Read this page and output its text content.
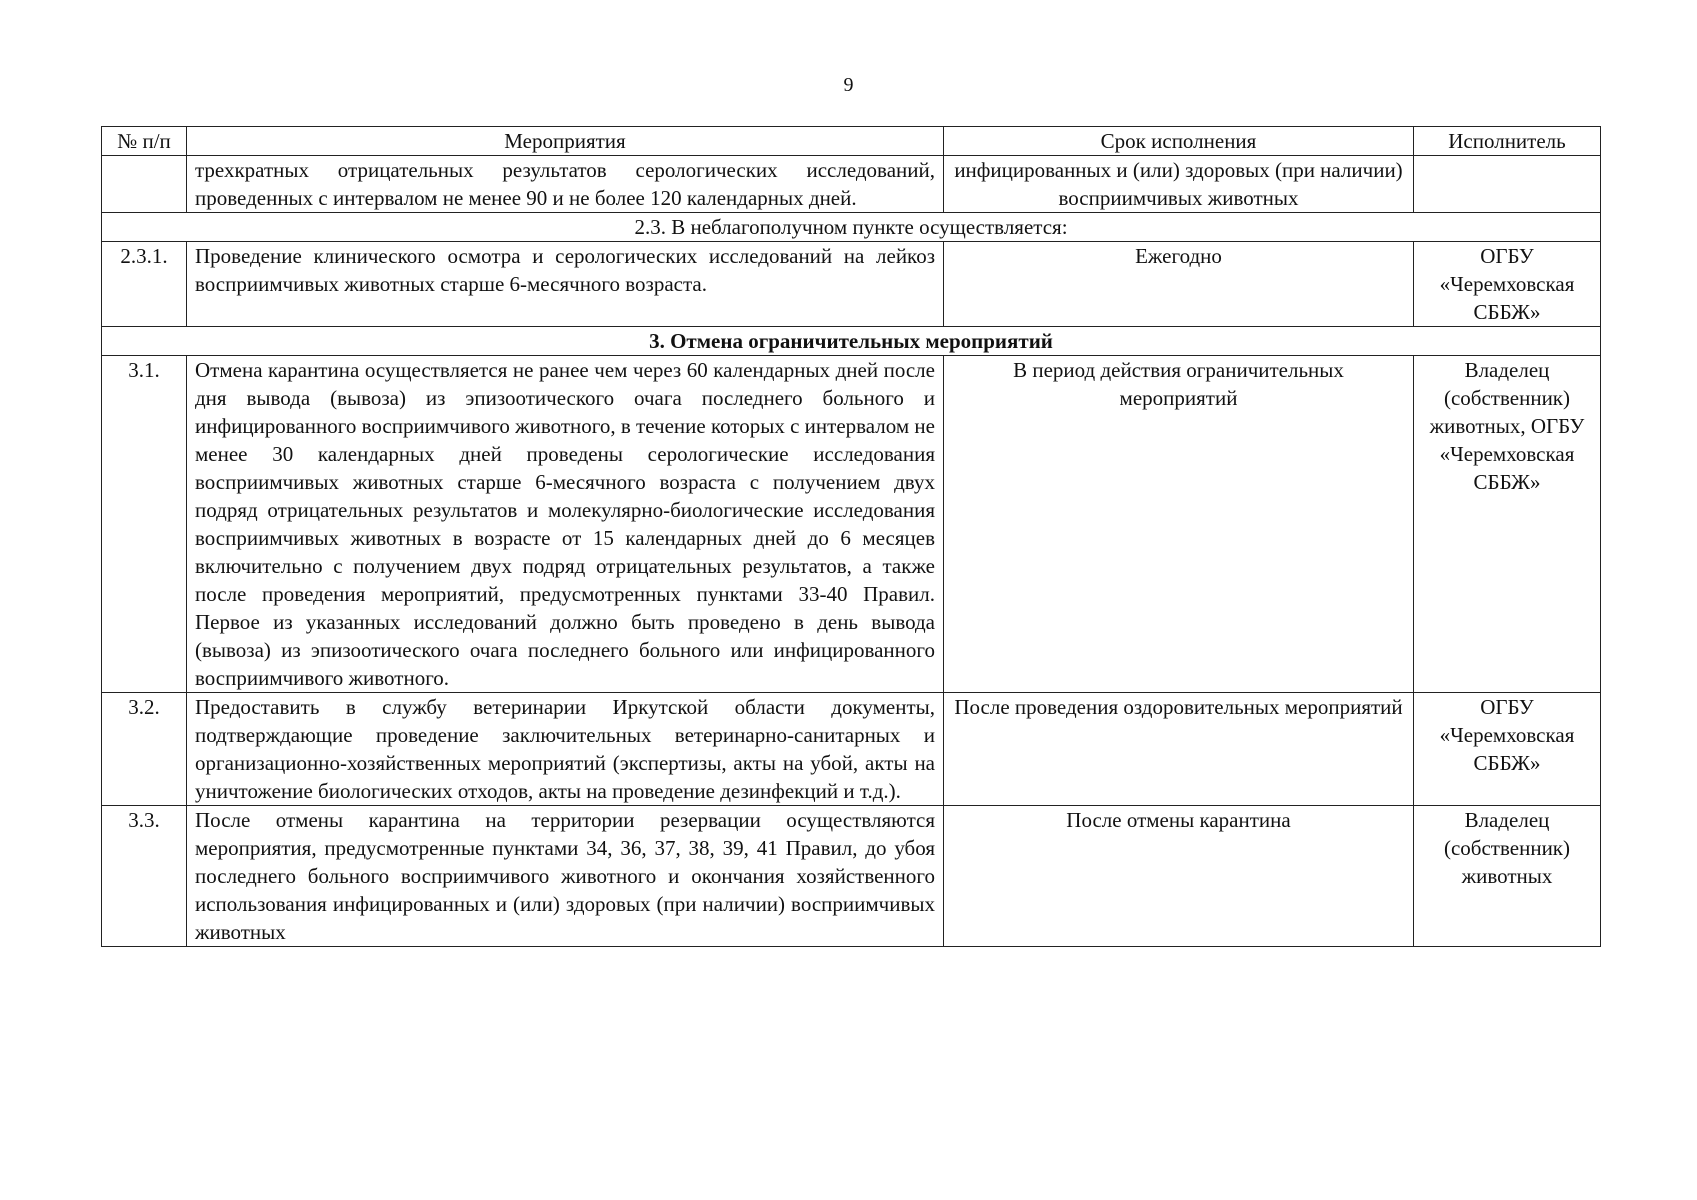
9
№ п/п	Мероприятия	Срок исполнения	Исполнитель
	трехкратных отрицательных результатов серологических исследований, проведенных с интервалом не менее 90 и не более 120 календарных дней.	инфицированных и (или) здоровых (при наличии) восприимчивых животных	
2.3. В неблагополучном пункте осуществляется:			
2.3.1.	Проведение клинического осмотра и серологических исследований на лейкоз восприимчивых животных старше 6-месячного возраста.	Ежегодно	ОГБУ «Черемховская СББЖ»
3. Отмена ограничительных мероприятий			
3.1.	Отмена карантина осуществляется не ранее чем через 60 календарных дней после дня вывода (вывоза) из эпизоотического очага последнего больного и инфицированного восприимчивого животного, в течение которых с интервалом не менее 30 календарных дней проведены серологические исследования восприимчивых животных старше 6-месячного возраста с получением двух подряд отрицательных результатов и молекулярно-биологические исследования восприимчивых животных в возрасте от 15 календарных дней до 6 месяцев включительно с получением двух подряд отрицательных результатов, а также после проведения мероприятий, предусмотренных пунктами 33-40 Правил. Первое из указанных исследований должно быть проведено в день вывода (вывоза) из эпизоотического очага последнего больного или инфицированного восприимчивого животного.	В период действия ограничительных мероприятий	Владелец (собственник) животных, ОГБУ «Черемховская СББЖ»
3.2.	Предоставить в службу ветеринарии Иркутской области документы, подтверждающие проведение заключительных ветеринарно-санитарных и организационно-хозяйственных мероприятий (экспертизы, акты на убой, акты на уничтожение биологических отходов, акты на проведение дезинфекций и т.д.).	После проведения оздоровительных мероприятий	ОГБУ «Черемховская СББЖ»
3.3.	После отмены карантина на территории резервации осуществляются мероприятия, предусмотренные пунктами 34, 36, 37, 38, 39, 41 Правил, до убоя последнего больного восприимчивого животного и окончания хозяйственного использования инфицированных и (или) здоровых (при наличии) восприимчивых животных	После отмены карантина	Владелец (собственник) животных
